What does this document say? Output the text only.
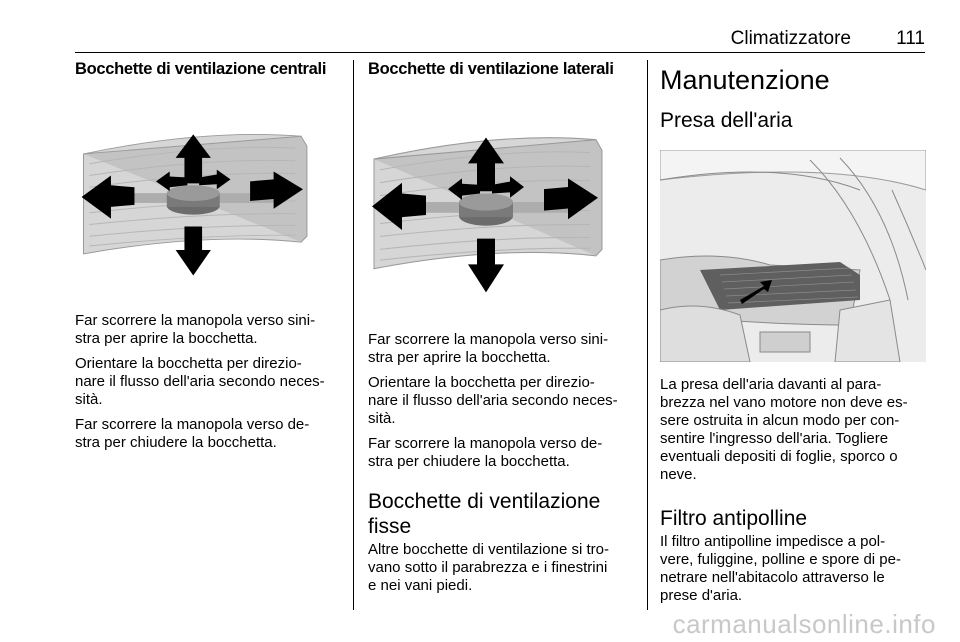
Climatizzatore 111
Bocchette di ventilazione centrali

Far scorrere la manopola verso sini-
stra per aprire la bocchetta.

Orientare la bocchetta per direzio-
nare il flusso dell'aria secondo neces-
sità.

Far scorrere la manopola verso de-
stra per chiudere la bocchetta.

Bocchette di ventilazione laterali

Far scorrere la manopola verso sini-
stra per aprire la bocchetta.

Orientare la bocchetta per direzio-
nare il flusso dell'aria secondo neces-
sità.

Far scorrere la manopola verso de-
stra per chiudere la bocchetta.

Bocchette di ventilazione
fisse

Altre bocchette di ventilazione si tro-
vano sotto il parabrezza e i finestrini
e nei vani piedi.

Manutenzione
Presa dell'aria

La presa dell'aria davanti al para-
brezza nel vano motore non deve es-
sere ostruita in alcun modo per con-
sentire l'ingresso dell'aria. Togliere
eventuali depositi di foglie, sporco o
neve.

Filtro antipolline

Il filtro antipolline impedisce a pol-
vere, fuliggine, polline e spore di pe-
netrare nell'abitacolo attraverso le
prese d'aria.

carmanualsonline.info
